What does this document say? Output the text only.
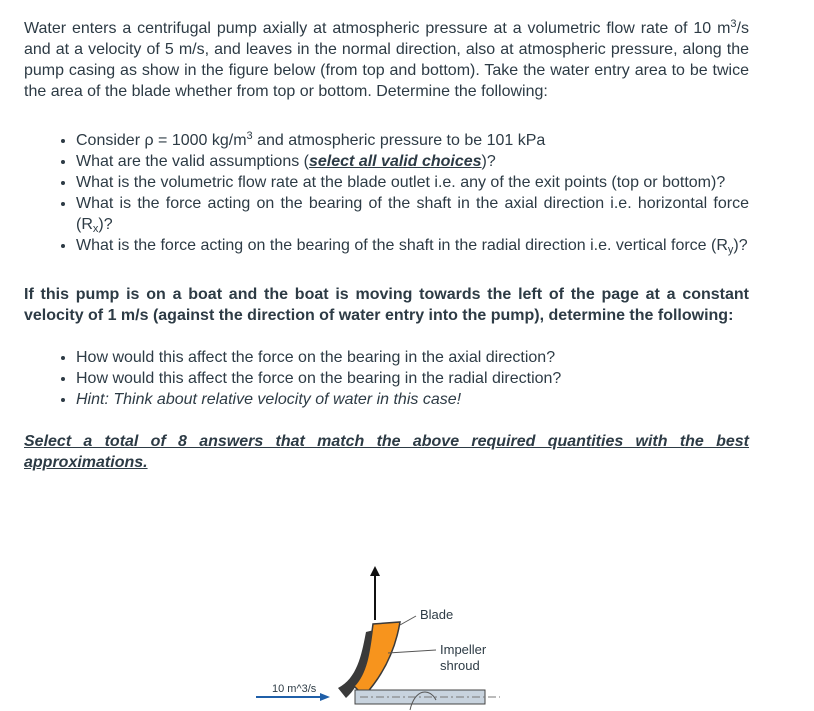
Water enters a centrifugal pump axially at atmospheric pressure at a volumetric flow rate of 10 $m^3/s$ and at a velocity of 5 m/s, and leaves in the normal direction, also at atmospheric pressure, along the pump casing as show in the figure below (from top and bottom). Take the water entry area to be twice the area of the blade whether from top or bottom. Determine the following:

• Consider ρ = 1000 $kg/m^3$ and atmospheric pressure to be 101 kPa
• What are the valid assumptions (select all valid choices)?
• What is the volumetric flow rate at the blade outlet i.e. any of the exit points (top or bottom)?
• What is the force acting on the bearing of the shaft in the axial direction i.e. horizontal force $(R_x)$?
• What is the force acting on the bearing of the shaft in the radial direction i.e. vertical force $(R_y)$?

If this pump is on a boat and the boat is moving towards the left of the page at a constant velocity of 1 m/s (against the direction of water entry into the pump), determine the following:

• How would this affect the force on the bearing in the axial direction?
• How would this affect the force on the bearing in the radial direction?
• Hint: Think about relative velocity of water in this case!

Select a total of 8 answers that match the above required quantities with the best approximations.

Blade
Impeller
shroud
10 m^3/s
